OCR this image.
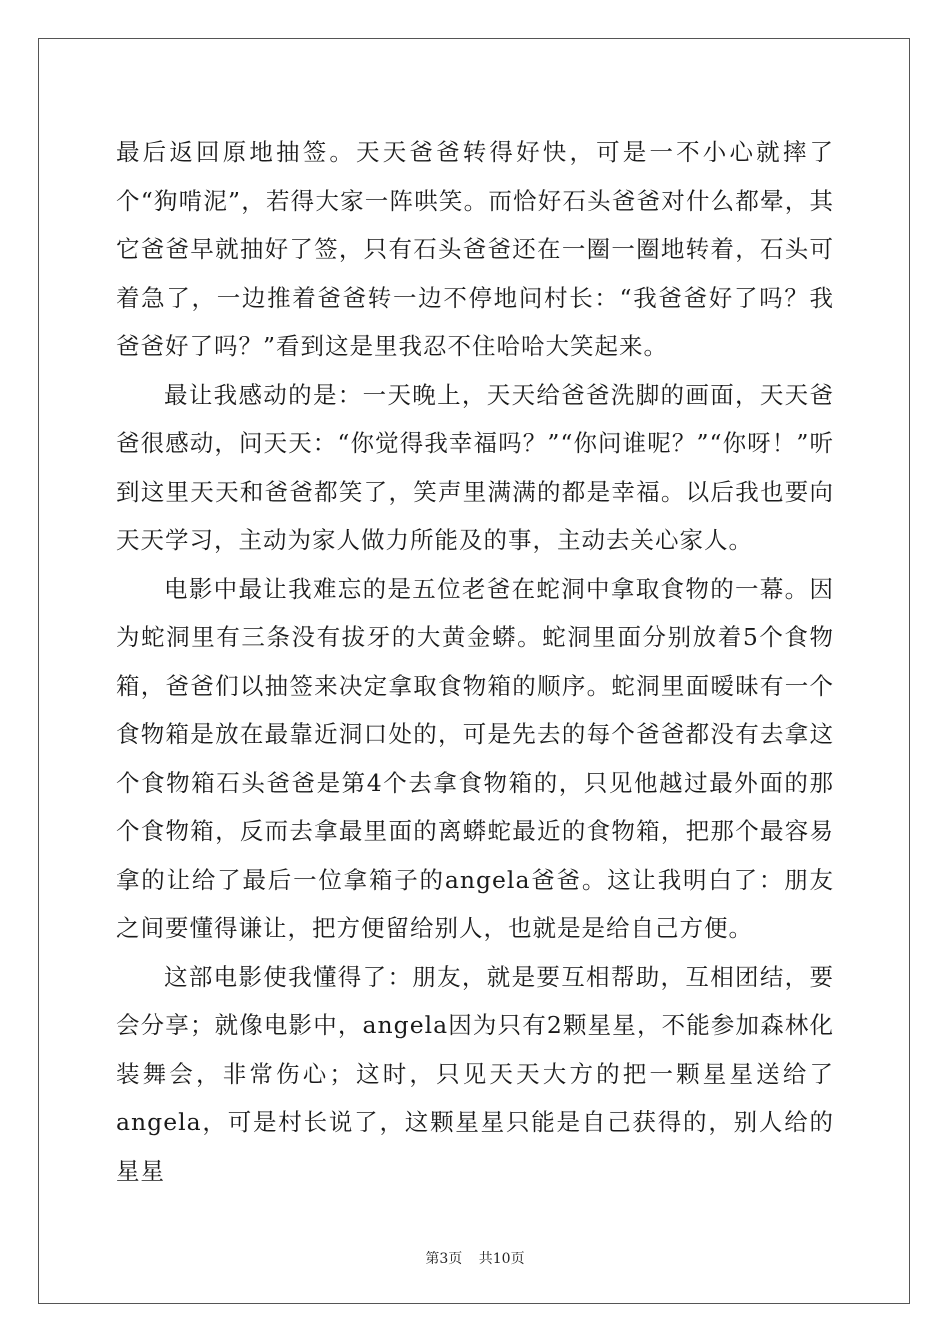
最后返回原地抽签。天天爸爸转得好快，可是一不小心就摔了个“狗啃泥”，若得大家一阵哄笑。而恰好石头爸爸对什么都晕，其它爸爸早就抽好了签，只有石头爸爸还在一圈一圈地转着，石头可着急了，一边推着爸爸转一边不停地问村长：“我爸爸好了吗？我爸爸好了吗？”看到这是里我忍不住哈哈大笑起来。

最让我感动的是：一天晚上，天天给爸爸洗脚的画面，天天爸爸很感动，问天天：“你觉得我幸福吗？”“你问谁呢？”“你呀！”听到这里天天和爸爸都笑了，笑声里满满的都是幸福。以后我也要向天天学习，主动为家人做力所能及的事，主动去关心家人。

电影中最让我难忘的是五位老爸在蛇洞中拿取食物的一幕。因为蛇洞里有三条没有拔牙的大黄金蟒。蛇洞里面分别放着5个食物箱，爸爸们以抽签来决定拿取食物箱的顺序。蛇洞里面暧昧有一个食物箱是放在最靠近洞口处的，可是先去的每个爸爸都没有去拿这个食物箱石头爸爸是第4个去拿食物箱的，只见他越过最外面的那个食物箱，反而去拿最里面的离蟒蛇最近的食物箱，把那个最容易拿的让给了最后一位拿箱子的angela爸爸。这让我明白了：朋友之间要懂得谦让，把方便留给别人，也就是是给自己方便。

这部电影使我懂得了：朋友，就是要互相帮助，互相团结，要会分享；就像电影中，angela因为只有2颗星星，不能参加森林化装舞会，非常伤心；这时，只见天天大方的把一颗星星送给了angela，可是村长说了，这颗星星只能是自己获得的，别人给的星星

第3页 共10页
